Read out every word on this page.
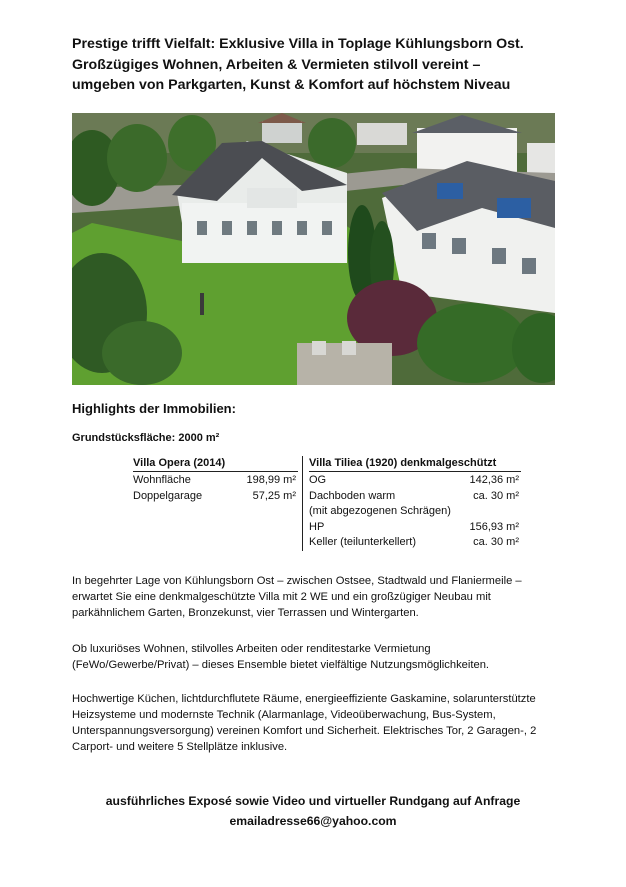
Prestige trifft Vielfalt: Exklusive Villa in Toplage Kühlungsborn Ost.
Großzügiges Wohnen, Arbeiten & Vermieten stilvoll vereint –
umgeben von Parkgarten, Kunst & Komfort auf höchstem Niveau
Highlights der Immobilien:
Grundstücksfläche: 2000 m²
Villa Opera (2014)
Wohnfläche	198,99 m²
Doppelgarage	57,25 m²
Villa Tiliea (1920) denkmalgeschützt
OG	142,36 m²
Dachboden warm	ca. 30 m²
(mit abgezogenen Schrägen)
HP	156,93 m²
Keller (teilunterkellert)	ca. 30 m²
In begehrter Lage von Kühlungsborn Ost – zwischen Ostsee, Stadtwald und Flaniermeile –
erwartet Sie eine denkmalgeschützte Villa mit 2 WE und ein großzügiger Neubau mit
parkähnlichem Garten, Bronzekunst, vier Terrassen und Wintergarten.
Ob luxuriöses Wohnen, stilvolles Arbeiten oder renditestarke Vermietung
(FeWo/Gewerbe/Privat) – dieses Ensemble bietet vielfältige Nutzungsmöglichkeiten.
Hochwertige Küchen, lichtdurchflutete Räume, energieeffiziente Gaskamine, solarunterstützte
Heizsysteme und modernste Technik (Alarmanlage, Videoüberwachung, Bus-System,
Unterspannungsversorgung) vereinen Komfort und Sicherheit. Elektrisches Tor, 2 Garagen-, 2
Carport- und weitere 5 Stellplätze inklusive.
ausführliches Exposé sowie Video und virtueller Rundgang auf Anfrage
emailadresse66@yahoo.com
